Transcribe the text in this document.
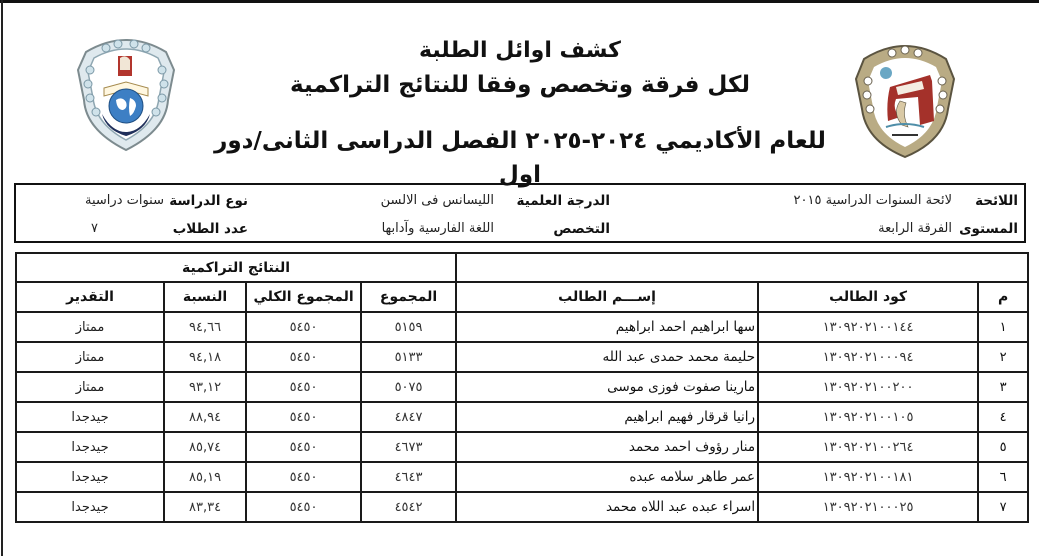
كشف اوائل الطلبة
لكل فرقة وتخصص وفقا للنتائج التراكمية
للعام الأكاديمي ٢٠٢٤-٢٠٢٥ الفصل الدراسى الثانى/دور اول
اللائحة
لائحة السنوات الدراسية ٢٠١٥
الدرجة العلمية
الليسانس فى الالسن
نوع الدراسة
سنوات دراسية
المستوى
الفرقة الرابعة
التخصص
اللغة الفارسية وآدابها
عدد الطلاب
٧
			النتائج التراكمية			
م	كود الطالب	إســـم الطالب	المجموع	المجموع الكلي	النسبة	التقدير
١	١٣٠٩٢٠٢١٠٠١٤٤	سها ابراهيم احمد ابراهيم	٥١٥٩	٥٤٥٠	٩٤,٦٦	ممتاز
٢	١٣٠٩٢٠٢١٠٠٠٩٤	حليمة محمد حمدى عبد الله	٥١٣٣	٥٤٥٠	٩٤,١٨	ممتاز
٣	١٣٠٩٢٠٢١٠٠٢٠٠	مارينا صفوت فوزى موسى	٥٠٧٥	٥٤٥٠	٩٣,١٢	ممتاز
٤	١٣٠٩٢٠٢١٠٠١٠٥	رانيا قرقار فهيم ابراهيم	٤٨٤٧	٥٤٥٠	٨٨,٩٤	جيدجدا
٥	١٣٠٩٢٠٢١٠٠٢٦٤	منار رؤوف احمد محمد	٤٦٧٣	٥٤٥٠	٨٥,٧٤	جيدجدا
٦	١٣٠٩٢٠٢١٠٠١٨١	عمر طاهر سلامه عبده	٤٦٤٣	٥٤٥٠	٨٥,١٩	جيدجدا
٧	١٣٠٩٢٠٢١٠٠٠٢٥	اسراء عبده عبد اللاه محمد	٤٥٤٢	٥٤٥٠	٨٣,٣٤	جيدجدا
